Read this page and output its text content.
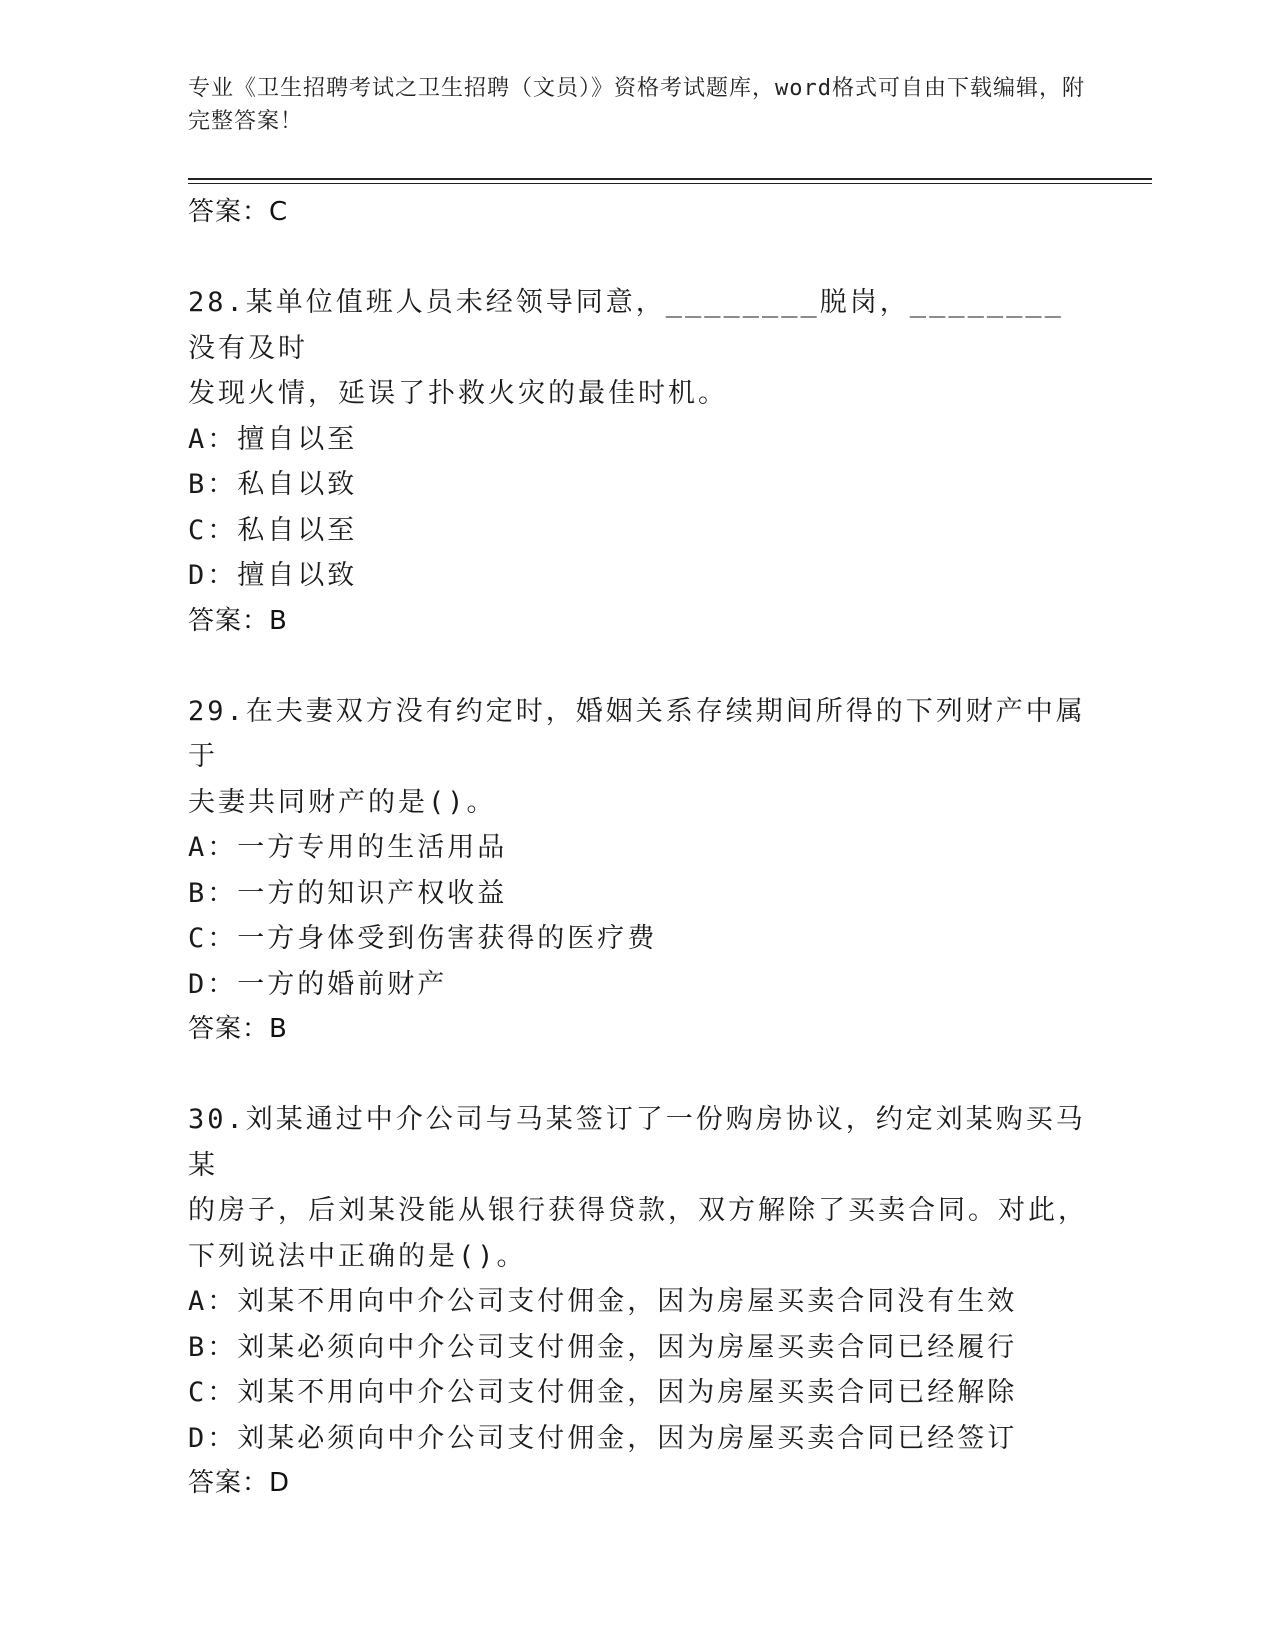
专业《卫生招聘考试之卫生招聘（文员）》资格考试题库，word格式可自由下载编辑，附完整答案！
答案：C
28.某单位值班人员未经领导同意，________脱岗，________没有及时
发现火情，延误了扑救火灾的最佳时机。
A：擅自以至
B：私自以致
C：私自以至
D：擅自以致
答案：B
29.在夫妻双方没有约定时，婚姻关系存续期间所得的下列财产中属于
夫妻共同财产的是()。
A：一方专用的生活用品
B：一方的知识产权收益
C：一方身体受到伤害获得的医疗费
D：一方的婚前财产
答案：B
30.刘某通过中介公司与马某签订了一份购房协议，约定刘某购买马某
的房子，后刘某没能从银行获得贷款，双方解除了买卖合同。对此，
下列说法中正确的是()。
A：刘某不用向中介公司支付佣金，因为房屋买卖合同没有生效
B：刘某必须向中介公司支付佣金，因为房屋买卖合同已经履行
C：刘某不用向中介公司支付佣金，因为房屋买卖合同已经解除
D：刘某必须向中介公司支付佣金，因为房屋买卖合同已经签订
答案：D
